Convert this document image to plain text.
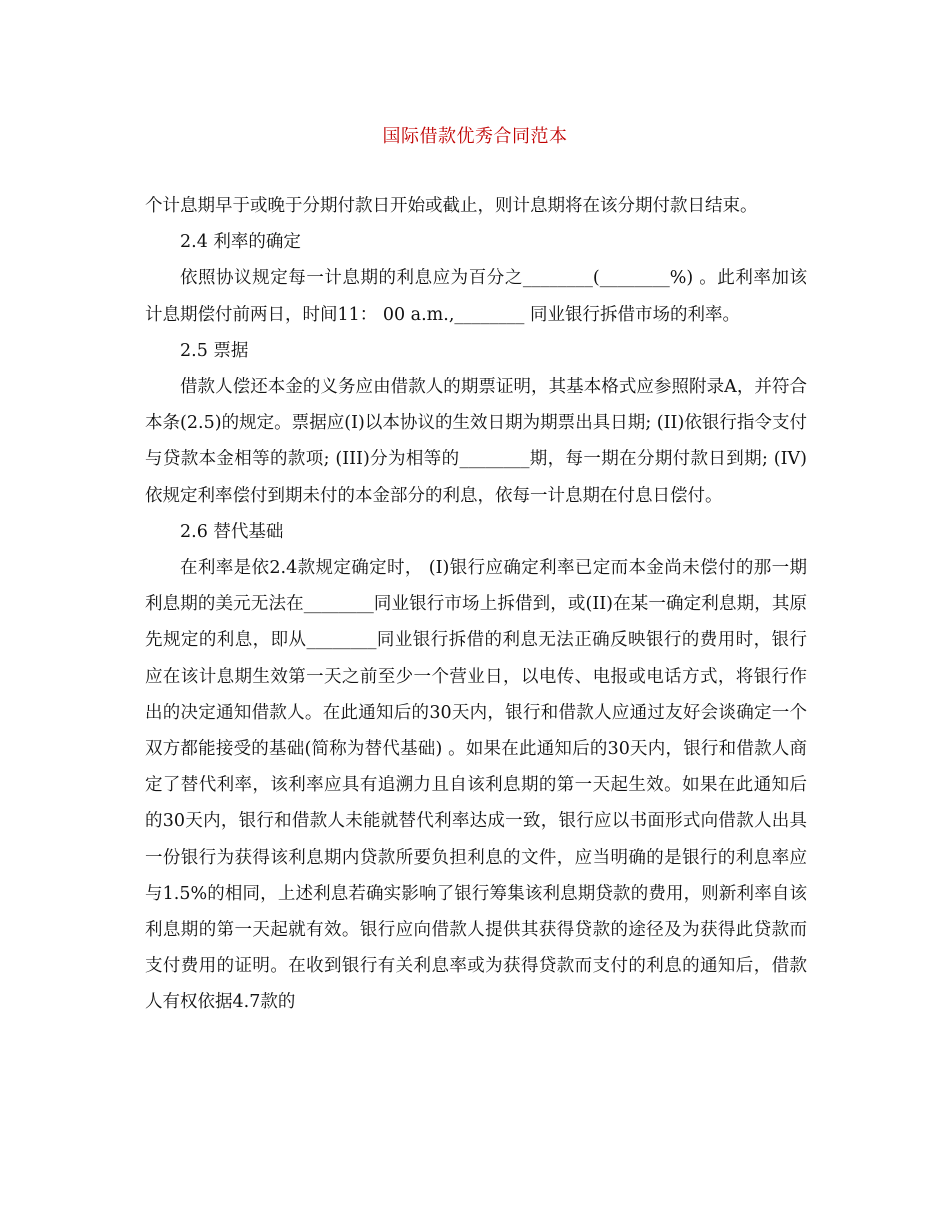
国际借款优秀合同范本

个计息期早于或晚于分期付款日开始或截止，则计息期将在该分期付款日结束。

2.4 利率的确定

依照协议规定每一计息期的利息应为百分之________(________%) 。此利率加该计息期偿付前两日，时间11： 00 a.m.,________ 同业银行拆借市场的利率。

2.5 票据

借款人偿还本金的义务应由借款人的期票证明，其基本格式应参照附录A，并符合本条(2.5)的规定。票据应(I)以本协议的生效日期为期票出具日期; (II)依银行指令支付与贷款本金相等的款项; (III)分为相等的________期，每一期在分期付款日到期; (IV)依规定利率偿付到期未付的本金部分的利息，依每一计息期在付息日偿付。

2.6 替代基础

在利率是依2.4款规定确定时， (I)银行应确定利率已定而本金尚未偿付的那一期利息期的美元无法在________同业银行市场上拆借到，或(II)在某一确定利息期，其原先规定的利息，即从________同业银行拆借的利息无法正确反映银行的费用时，银行应在该计息期生效第一天之前至少一个营业日，以电传、电报或电话方式，将银行作出的决定通知借款人。在此通知后的30天内，银行和借款人应通过友好会谈确定一个双方都能接受的基础(简称为替代基础) 。如果在此通知后的30天内，银行和借款人商定了替代利率，该利率应具有追溯力且自该利息期的第一天起生效。如果在此通知后的30天内，银行和借款人未能就替代利率达成一致，银行应以书面形式向借款人出具一份银行为获得该利息期内贷款所要负担利息的文件，应当明确的是银行的利息率应与1.5%的相同，上述利息若确实影响了银行筹集该利息期贷款的费用，则新利率自该利息期的第一天起就有效。银行应向借款人提供其获得贷款的途径及为获得此贷款而支付费用的证明。在收到银行有关利息率或为获得贷款而支付的利息的通知后，借款人有权依据4.7款的
